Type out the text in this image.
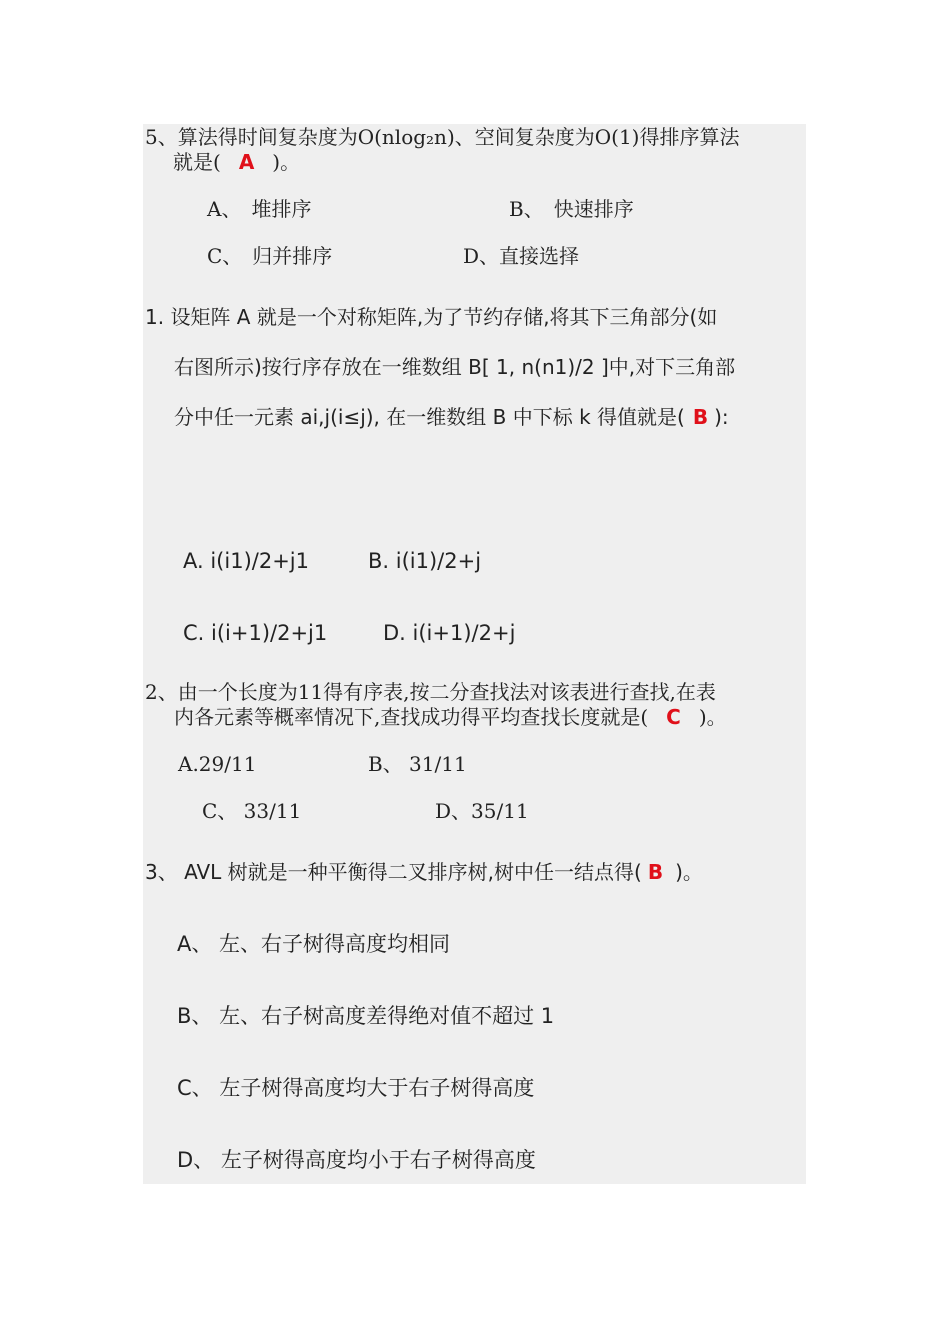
5、算法得时间复杂度为O(nlog₂n)、空间复杂度为O(1)得排序算法
就是( A )。
A、　堆排序	B、　快速排序
C、　归并排序	D、直接选择
1. 设矩阵 A 就是一个对称矩阵,为了节约存储,将其下三角部分(如
右图所示)按行序存放在一维数组 B[ 1, n(n1)/2 ]中,对下三角部
分中任一元素 ai,j(i≤j), 在一维数组 B 中下标 k 得值就是( B ):
A. i(i1)/2+j1	B. i(i1)/2+j
C. i(i+1)/2+j1	D. i(i+1)/2+j
2、由一个长度为11得有序表,按二分查找法对该表进行查找,在表
内各元素等概率情况下,查找成功得平均查找长度就是( C )。
A.29/11	B、 31/11
C、 33/11	D、35/11
3、 AVL 树就是一种平衡得二叉排序树,树中任一结点得( B )。
A、 左、右子树得高度均相同
B、 左、右子树高度差得绝对值不超过 1
C、 左子树得高度均大于右子树得高度
D、 左子树得高度均小于右子树得高度
